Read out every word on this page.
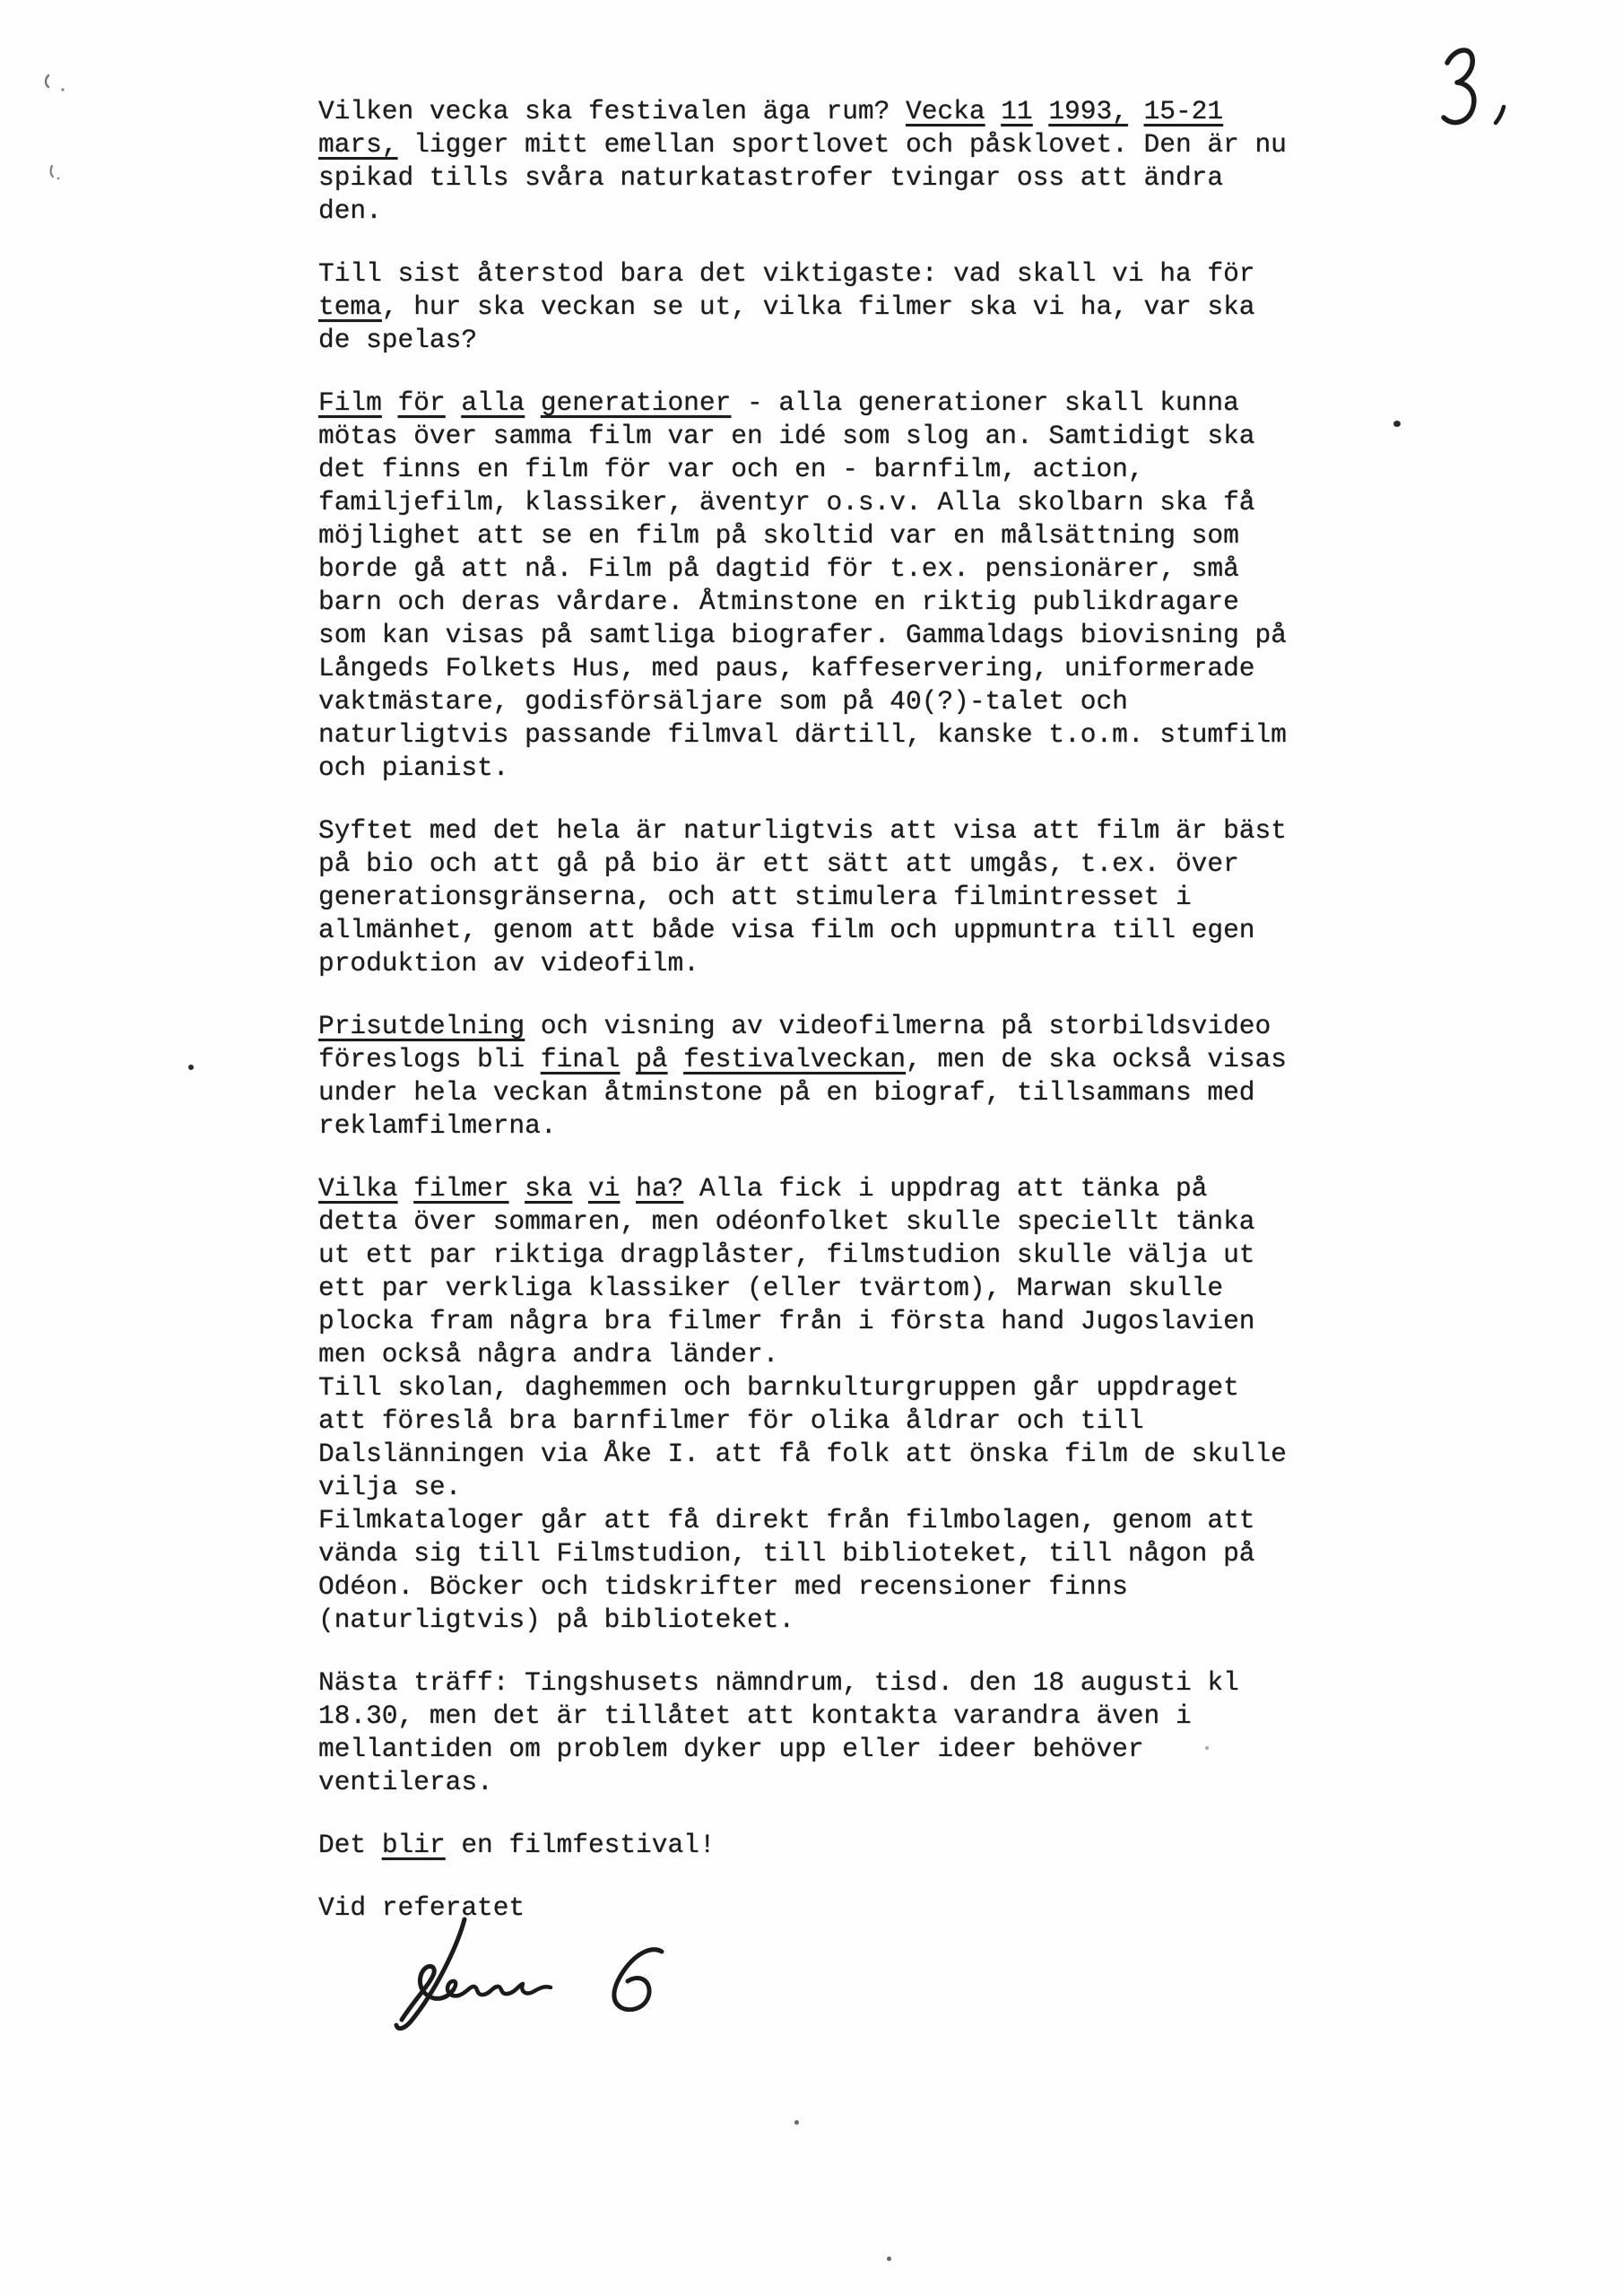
Vilken vecka ska festivalen äga rum? Vecka 11 1993, 15-21
mars, ligger mitt emellan sportlovet och påsklovet. Den är nu
spikad tills svåra naturkatastrofer tvingar oss att ändra
den.
Till sist återstod bara det viktigaste: vad skall vi ha för
tema, hur ska veckan se ut, vilka filmer ska vi ha, var ska
de spelas?
Film för alla generationer - alla generationer skall kunna
mötas över samma film var en idé som slog an. Samtidigt ska
det finns en film för var och en - barnfilm, action,
familjefilm, klassiker, äventyr o.s.v. Alla skolbarn ska få
möjlighet att se en film på skoltid var en målsättning som
borde gå att nå. Film på dagtid för t.ex. pensionärer, små
barn och deras vårdare. Åtminstone en riktig publikdragare
som kan visas på samtliga biografer. Gammaldags biovisning på
Långeds Folkets Hus, med paus, kaffeservering, uniformerade
vaktmästare, godisförsäljare som på 40(?)-talet och
naturligtvis passande filmval därtill, kanske t.o.m. stumfilm
och pianist.
Syftet med det hela är naturligtvis att visa att film är bäst
på bio och att gå på bio är ett sätt att umgås, t.ex. över
generationsgränserna, och att stimulera filmintresset i
allmänhet, genom att både visa film och uppmuntra till egen
produktion av videofilm.
Prisutdelning och visning av videofilmerna på storbildsvideo
föreslogs bli final på festivalveckan, men de ska också visas
under hela veckan åtminstone på en biograf, tillsammans med
reklamfilmerna.
Vilka filmer ska vi ha? Alla fick i uppdrag att tänka på
detta över sommaren, men odéonfolket skulle speciellt tänka
ut ett par riktiga dragplåster, filmstudion skulle välja ut
ett par verkliga klassiker (eller tvärtom), Marwan skulle
plocka fram några bra filmer från i första hand Jugoslavien
men också några andra länder.
Till skolan, daghemmen och barnkulturgruppen går uppdraget
att föreslå bra barnfilmer för olika åldrar och till
Dalslänningen via Åke I. att få folk att önska film de skulle
vilja se.
Filmkataloger går att få direkt från filmbolagen, genom att
vända sig till Filmstudion, till biblioteket, till någon på
Odéon. Böcker och tidskrifter med recensioner finns
(naturligtvis) på biblioteket.
Nästa träff: Tingshusets nämndrum, tisd. den 18 augusti kl
18.30, men det är tillåtet att kontakta varandra även i
mellantiden om problem dyker upp eller ideer behöver
ventileras.
Det blir en filmfestival!
Vid referatet
